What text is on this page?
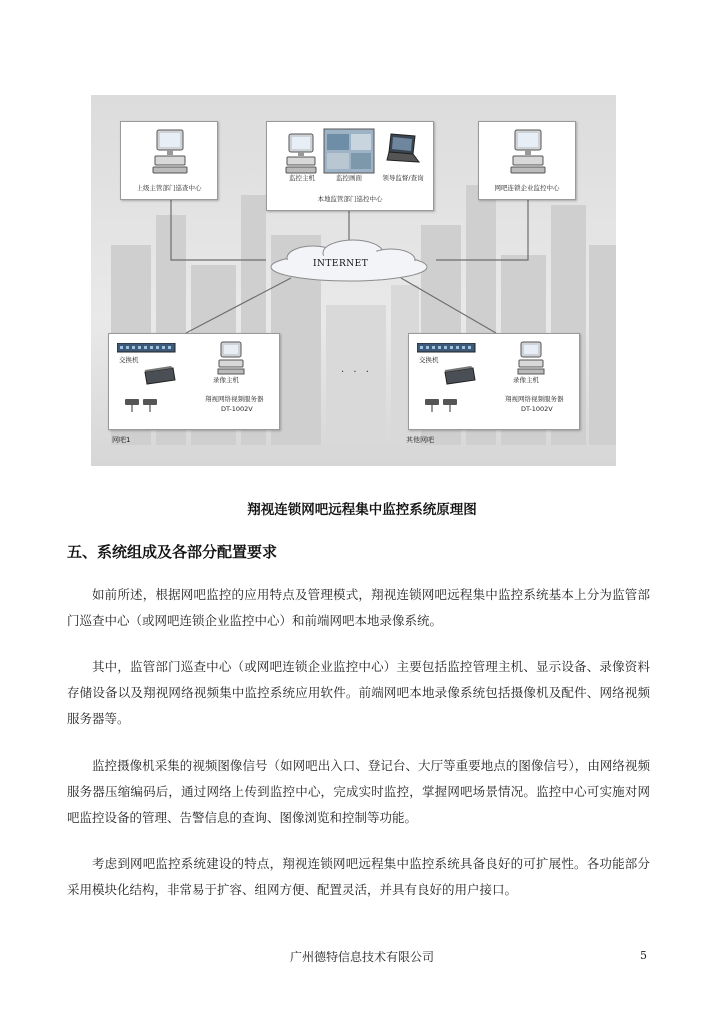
上级主管部门巡查中心
监控主机	监控画面	领导监督/查询
本地监管部门巡控中心
网吧连锁企业监控中心
INTERNET
交换机
录像主机
翔视网络视频服务器
DT-1002V
网吧1
· · ·
交换机
录像主机
翔视网络视频服务器
DT-1002V
其他网吧
翔视连锁网吧远程集中监控系统原理图
五、系统组成及各部分配置要求

如前所述，根据网吧监控的应用特点及管理模式，翔视连锁网吧远程集中监控系统基本上分为监管部门巡查中心（或网吧连锁企业监控中心）和前端网吧本地录像系统。

其中，监管部门巡查中心（或网吧连锁企业监控中心）主要包括监控管理主机、显示设备、录像资料存储设备以及翔视网络视频集中监控系统应用软件。前端网吧本地录像系统包括摄像机及配件、网络视频服务器等。

监控摄像机采集的视频图像信号（如网吧出入口、登记台、大厅等重要地点的图像信号），由网络视频服务器压缩编码后，通过网络上传到监控中心，完成实时监控，掌握网吧场景情况。监控中心可实施对网吧监控设备的管理、告警信息的查询、图像浏览和控制等功能。

考虑到网吧监控系统建设的特点，翔视连锁网吧远程集中监控系统具备良好的可扩展性。各功能部分采用模块化结构，非常易于扩容、组网方便、配置灵活，并具有良好的用户接口。

广州德特信息技术有限公司	5
